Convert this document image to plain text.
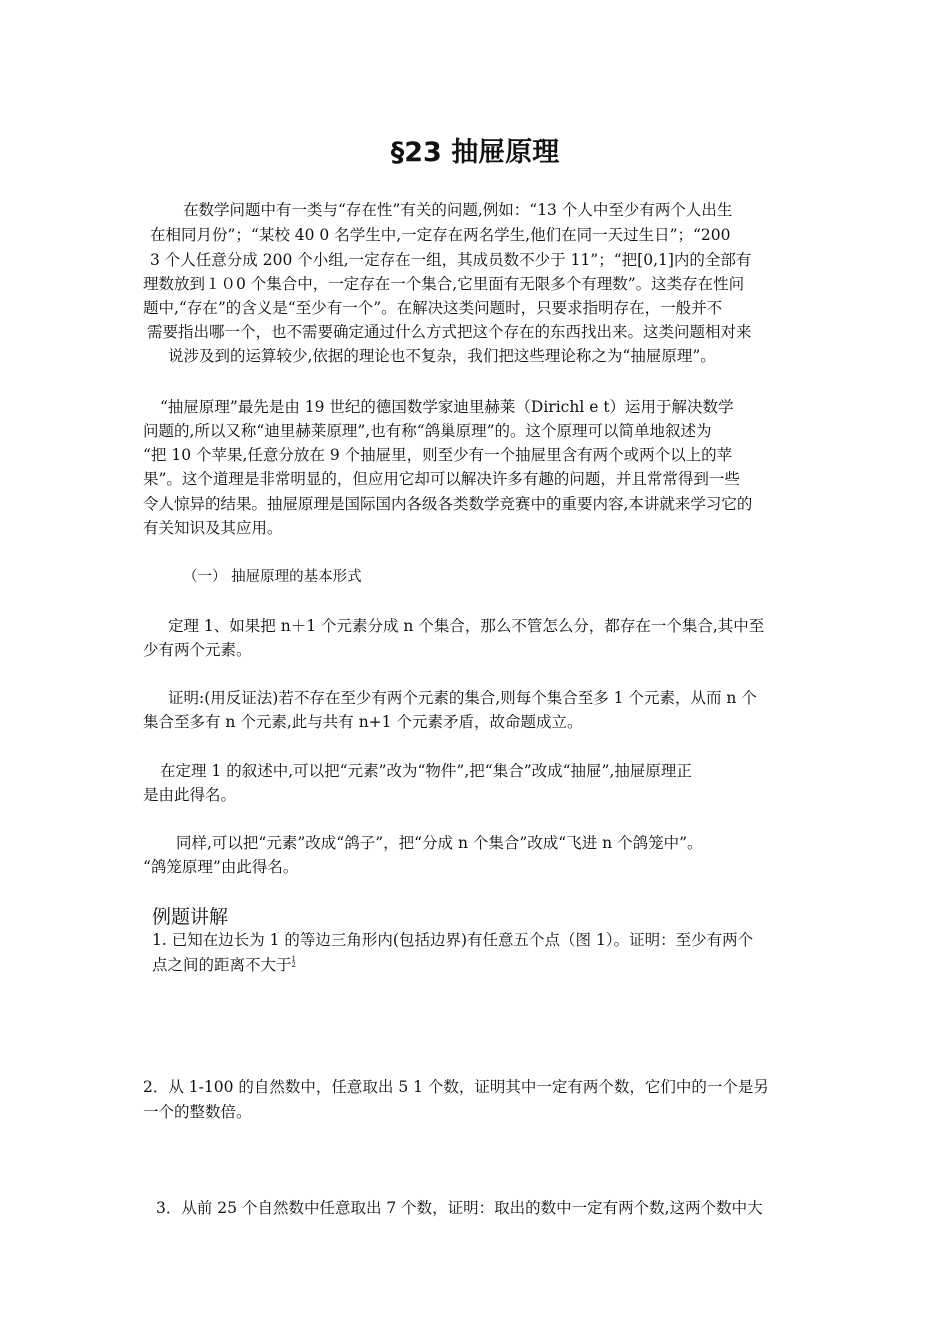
§23 抽屉原理
在数学问题中有一类与“存在性”有关的问题,例如：“13 个人中至少有两个人出生
在相同月份”；“某校 40 0 名学生中,一定存在两名学生,他们在同一天过生日”；“200
3 个人任意分成 200 个小组,一定存在一组，其成员数不少于 11”；“把[0,1]内的全部有
理数放到１０0 个集合中，一定存在一个集合,它里面有无限多个有理数”。这类存在性问
题中,“存在”的含义是“至少有一个”。在解决这类问题时，只要求指明存在，一般并不
需要指出哪一个，也不需要确定通过什么方式把这个存在的东西找出来。这类问题相对来
说涉及到的运算较少,依据的理论也不复杂，我们把这些理论称之为“抽屉原理”。
“抽屉原理”最先是由 19 世纪的德国数学家迪里赫莱（Dirichl e t）运用于解决数学
问题的,所以又称“迪里赫莱原理”,也有称“鸽巢原理”的。这个原理可以简单地叙述为
“把 10 个苹果,任意分放在 9 个抽屉里，则至少有一个抽屉里含有两个或两个以上的苹
果”。这个道理是非常明显的，但应用它却可以解决许多有趣的问题，并且常常得到一些
令人惊异的结果。抽屉原理是国际国内各级各类数学竞赛中的重要内容,本讲就来学习它的
有关知识及其应用。
（一） 抽屉原理的基本形式
定理 1、如果把 n＋1 个元素分成 n 个集合，那么不管怎么分，都存在一个集合,其中至
少有两个元素。
证明:(用反证法)若不存在至少有两个元素的集合,则每个集合至多 1 个元素，从而 n 个
集合至多有 n 个元素,此与共有 n+1 个元素矛盾，故命题成立。
在定理 1 的叙述中,可以把“元素”改为“物件”,把“集合”改成“抽屉”,抽屉原理正
是由此得名。
同样,可以把“元素”改成“鸽子”，把“分成 n 个集合”改成“飞进 n 个鸽笼中”。
“鸽笼原理”由此得名。
例题讲解
1. 已知在边长为 1 的等边三角形内(包括边界)有任意五个点（图 1）。证明：至少有两个
点之间的距离不大于 1
2
2．从 1-100 的自然数中，任意取出 5 1 个数，证明其中一定有两个数，它们中的一个是另
一个的整数倍。
3．从前 25 个自然数中任意取出 7 个数，证明：取出的数中一定有两个数,这两个数中大
